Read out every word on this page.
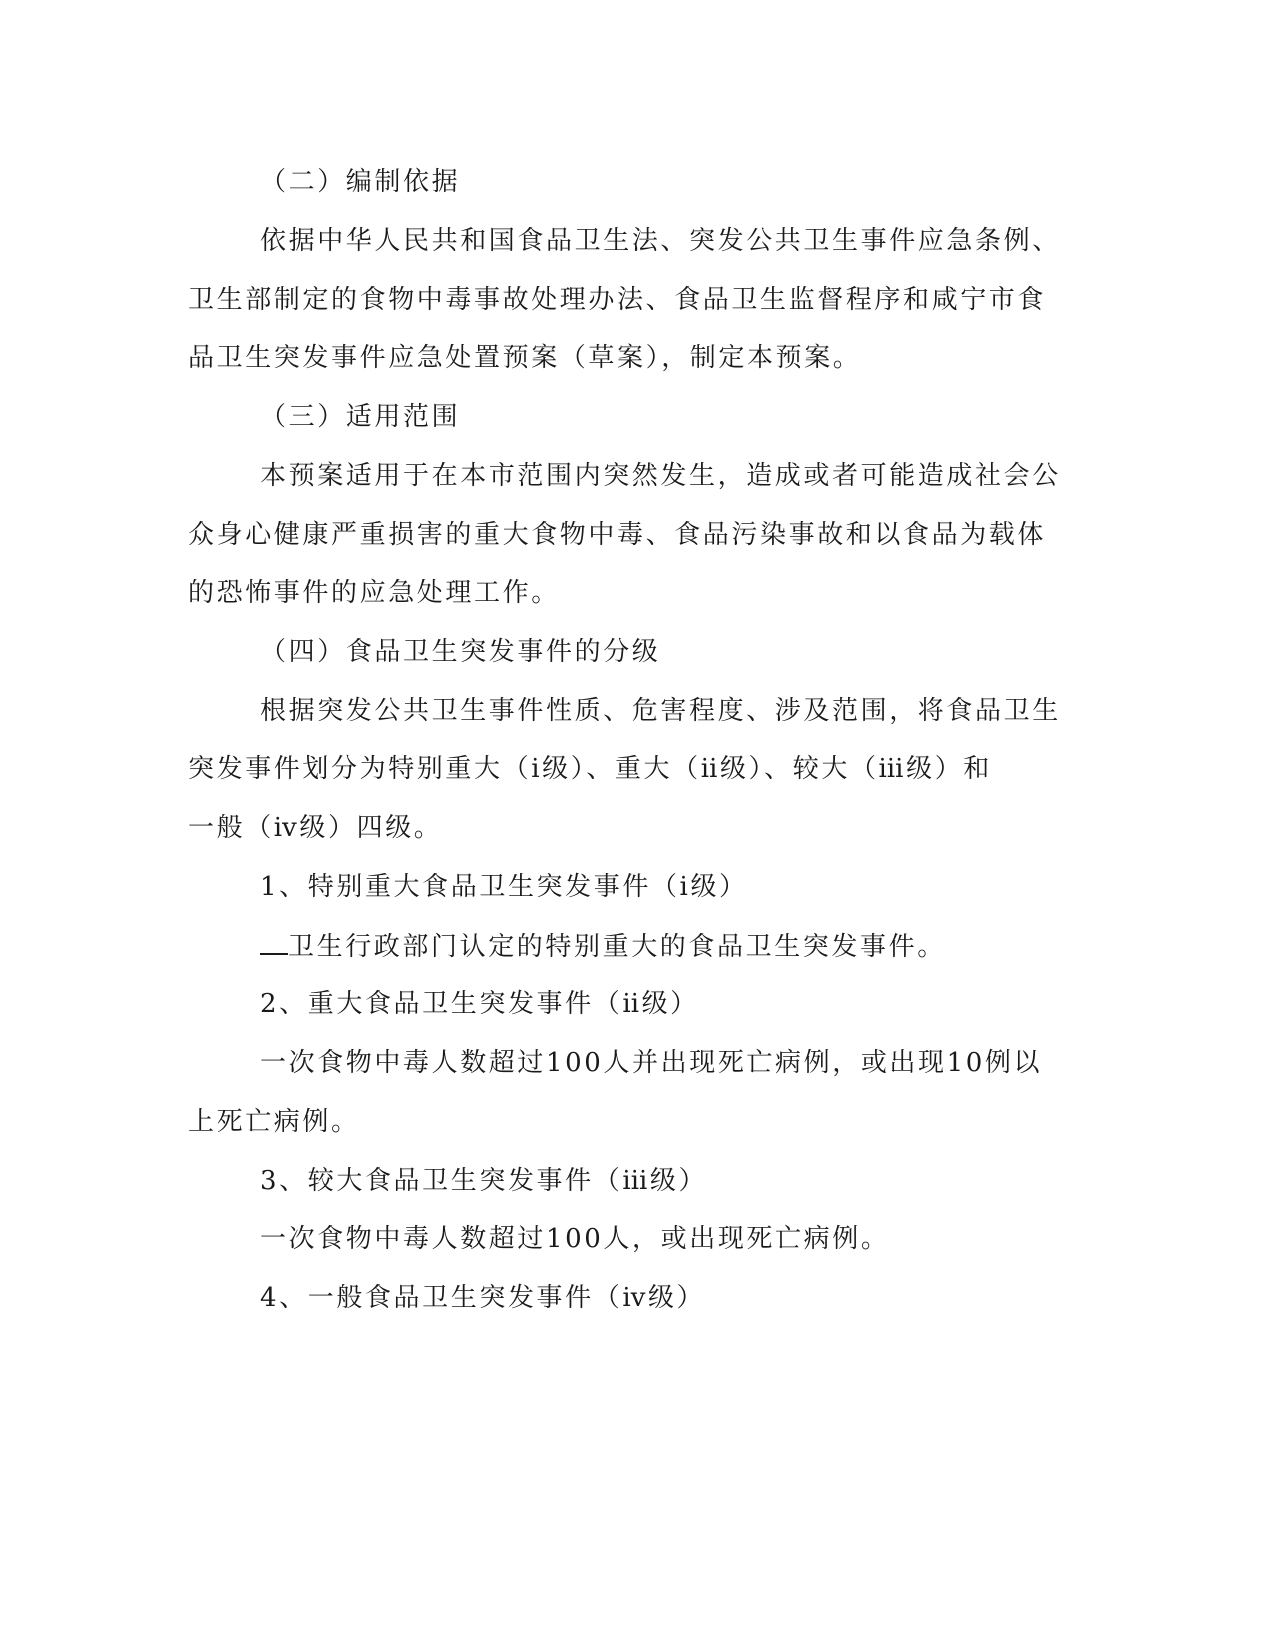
（二）编制依据
依据中华人民共和国食品卫生法、突发公共卫生事件应急条例、
卫生部制定的食物中毒事故处理办法、食品卫生监督程序和咸宁市食
品卫生突发事件应急处置预案（草案），制定本预案。
（三）适用范围
本预案适用于在本市范围内突然发生，造成或者可能造成社会公
众身心健康严重损害的重大食物中毒、食品污染事故和以食品为载体
的恐怖事件的应急处理工作。
（四）食品卫生突发事件的分级
根据突发公共卫生事件性质、危害程度、涉及范围，将食品卫生
突发事件划分为特别重大（ⅰ级）、重大（ⅱ级）、较大（ⅲ级）和
一般（ⅳ级）四级。
1、特别重大食品卫生突发事件（ⅰ级）
卫生行政部门认定的特别重大的食品卫生突发事件。
2、重大食品卫生突发事件（ⅱ级）
一次食物中毒人数超过100人并出现死亡病例，或出现10例以
上死亡病例。
3、较大食品卫生突发事件（ⅲ级）
一次食物中毒人数超过100人，或出现死亡病例。
4、一般食品卫生突发事件（ⅳ级）
